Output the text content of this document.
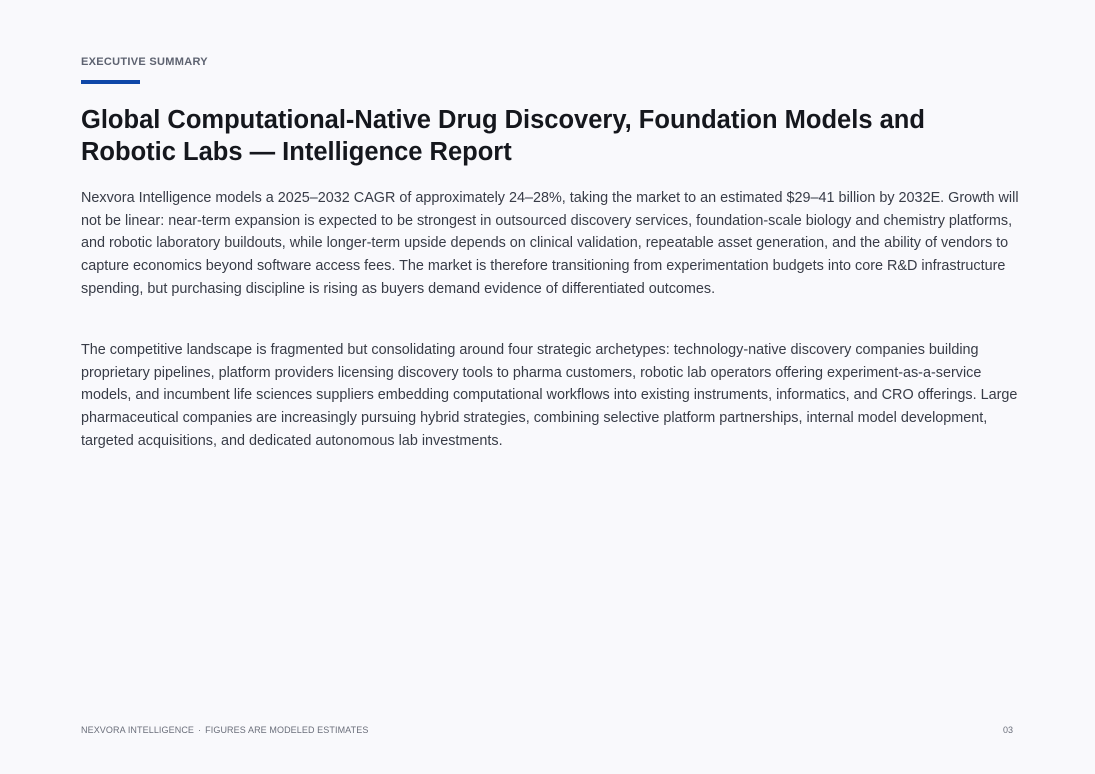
EXECUTIVE SUMMARY

Global Computational-Native Drug Discovery, Foundation Models and Robotic Labs — Intelligence Report

Nexvora Intelligence models a 2025–2032 CAGR of approximately 24–28%, taking the market to an estimated $29–41 billion by 2032E. Growth will not be linear: near-term expansion is expected to be strongest in outsourced discovery services, foundation-scale biology and chemistry platforms, and robotic laboratory buildouts, while longer-term upside depends on clinical validation, repeatable asset generation, and the ability of vendors to capture economics beyond software access fees. The market is therefore transitioning from experimentation budgets into core R&D infrastructure spending, but purchasing discipline is rising as buyers demand evidence of differentiated outcomes.

The competitive landscape is fragmented but consolidating around four strategic archetypes: technology-native discovery companies building proprietary pipelines, platform providers licensing discovery tools to pharma customers, robotic lab operators offering experiment-as-a-service models, and incumbent life sciences suppliers embedding computational workflows into existing instruments, informatics, and CRO offerings. Large pharmaceutical companies are increasingly pursuing hybrid strategies, combining selective platform partnerships, internal model development, targeted acquisitions, and dedicated autonomous lab investments.

NEXVORA INTELLIGENCE · FIGURES ARE MODELED ESTIMATES	03
